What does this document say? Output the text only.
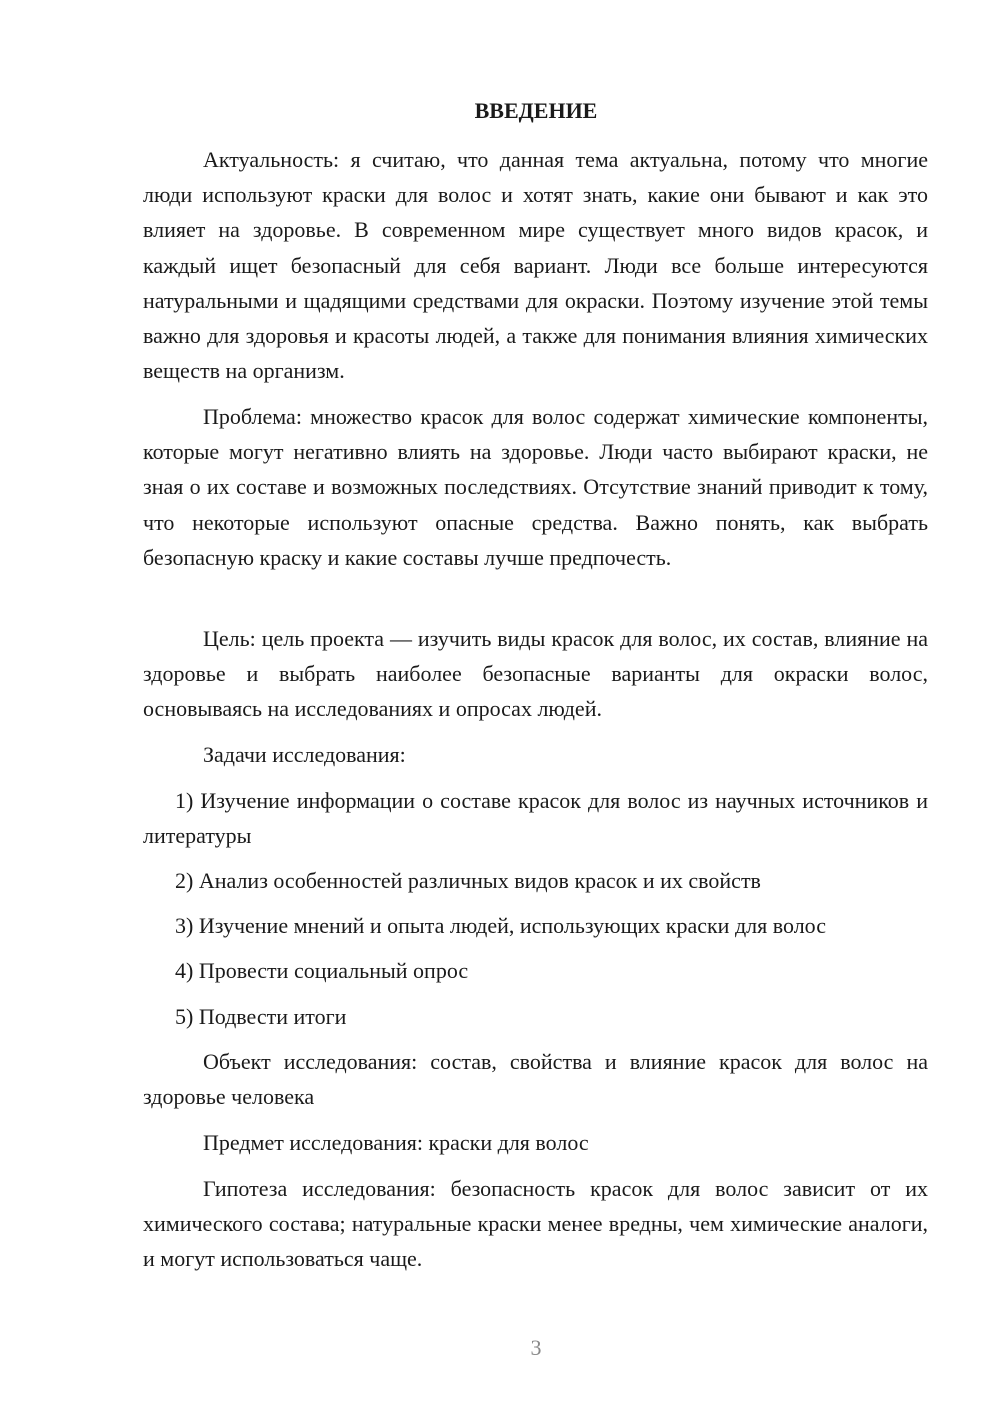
ВВЕДЕНИЕ

Актуальность: я считаю, что данная тема актуальна, потому что многие люди используют краски для волос и хотят знать, какие они бывают и как это влияет на здоровье. В современном мире существует много видов красок, и каждый ищет безопасный для себя вариант. Люди все больше интересуются натуральными и щадящими средствами для окраски. Поэтому изучение этой темы важно для здоровья и красоты людей, а также для понимания влияния химических веществ на организм.

Проблема: множество красок для волос содержат химические компоненты, которые могут негативно влиять на здоровье. Люди часто выбирают краски, не зная о их составе и возможных последствиях. Отсутствие знаний приводит к тому, что некоторые используют опасные средства. Важно понять, как выбрать безопасную краску и какие составы лучше предпочесть.

Цель: цель проекта — изучить виды красок для волос, их состав, влияние на здоровье и выбрать наиболее безопасные варианты для окраски волос, основываясь на исследованиях и опросах людей.

Задачи исследования:

1) Изучение информации о составе красок для волос из научных источников и литературы

2) Анализ особенностей различных видов красок и их свойств

3) Изучение мнений и опыта людей, использующих краски для волос

4) Провести социальный опрос

5) Подвести итоги

Объект исследования: состав, свойства и влияние красок для волос на здоровье человека

Предмет исследования: краски для волос

Гипотеза исследования: безопасность красок для волос зависит от их химического состава; натуральные краски менее вредны, чем химические аналоги, и могут использоваться чаще.

3
